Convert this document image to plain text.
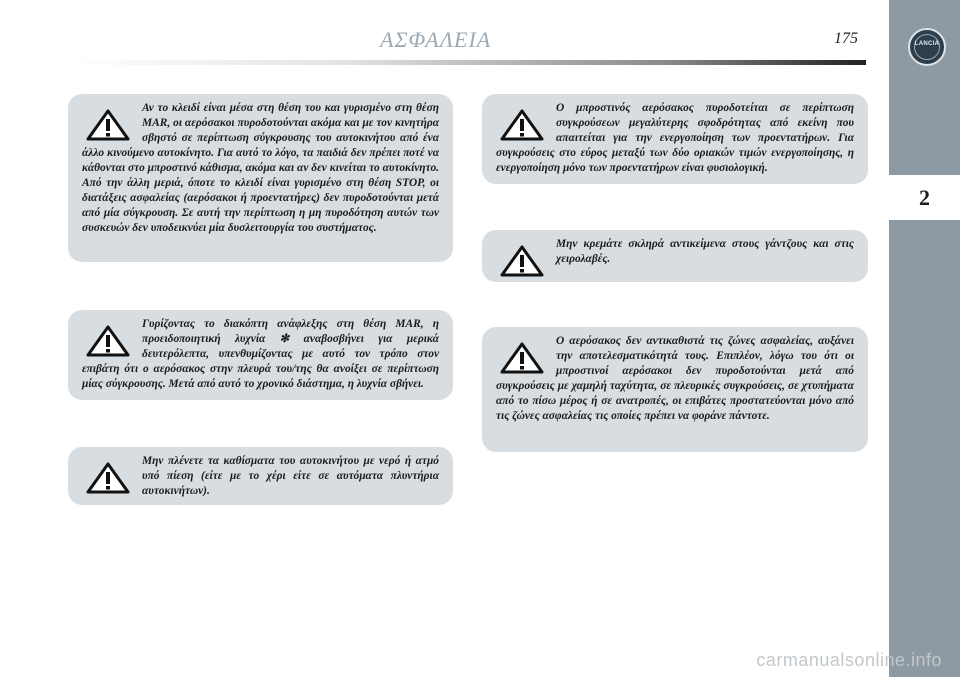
ΑΣΦΑΛΕΙΑ	175	LANCIA
2

Αν το κλειδί είναι μέσα στη θέση του και γυρισμένο στη θέση MAR, οι αερόσακοι πυροδοτούνται ακόμα και με τον κινητήρα σβηστό σε περίπτωση σύγκρουσης του αυτοκινήτου από ένα άλλο κινούμενο αυτοκίνητο. Για αυτό το λόγο, τα παιδιά δεν πρέπει ποτέ να κάθονται στο μπροστινό κάθισμα, ακόμα και αν δεν κινείται το αυτοκίνητο. Από την άλλη μεριά, όποτε το κλειδί είναι γυρισμένο στη θέση STOP, οι διατάξεις ασφαλείας (αερόσακοι ή προεντατήρες) δεν πυροδοτούνται μετά από μία σύγκρουση. Σε αυτή την περίπτωση η μη πυροδότηση αυτών των συσκευών δεν υποδεικνύει μία δυσλειτουργία του συστήματος.

Γυρίζοντας το διακόπτη ανάφλεξης στη θέση MAR, η προειδοποιητική λυχνία ✻ αναβοσβήνει για μερικά δευτερόλεπτα, υπενθυμίζοντας με αυτό τον τρόπο στον επιβάτη ότι ο αερόσακος στην πλευρά του/της θα ανοίξει σε περίπτωση μίας σύγκρουσης. Μετά από αυτό το χρονικό διάστημα, η λυχνία σβήνει.

Μην πλένετε τα καθίσματα του αυτοκινήτου με νερό ή ατμό υπό πίεση (είτε με το χέρι είτε σε αυτόματα πλυντήρια αυτοκινήτων).

Ο μπροστινός αερόσακος πυροδοτείται σε περίπτωση συγκρούσεων μεγαλύτερης σφοδρότητας από εκείνη που απαιτείται για την ενεργοποίηση των προεντατήρων. Για συγκρούσεις στο εύρος μεταξύ των δύο οριακών τιμών ενεργοποίησης, η ενεργοποίηση μόνο των προεντατήρων είναι φυσιολογική.

Μην κρεμάτε σκληρά αντικείμενα στους γάντζους και στις χειρολαβές.

Ο αερόσακος δεν αντικαθιστά τις ζώνες ασφαλείας, αυξάνει την αποτελεσματικότητά τους. Επιπλέον, λόγω του ότι οι μπροστινοί αερόσακοι δεν πυροδοτούνται μετά από συγκρούσεις με χαμηλή ταχύτητα, σε πλευρικές συγκρούσεις, σε χτυπήματα από το πίσω μέρος ή σε ανατροπές, οι επιβάτες προστατεύονται μόνο από τις ζώνες ασφαλείας τις οποίες πρέπει να φοράνε πάντοτε.

carmanualsonline.info
